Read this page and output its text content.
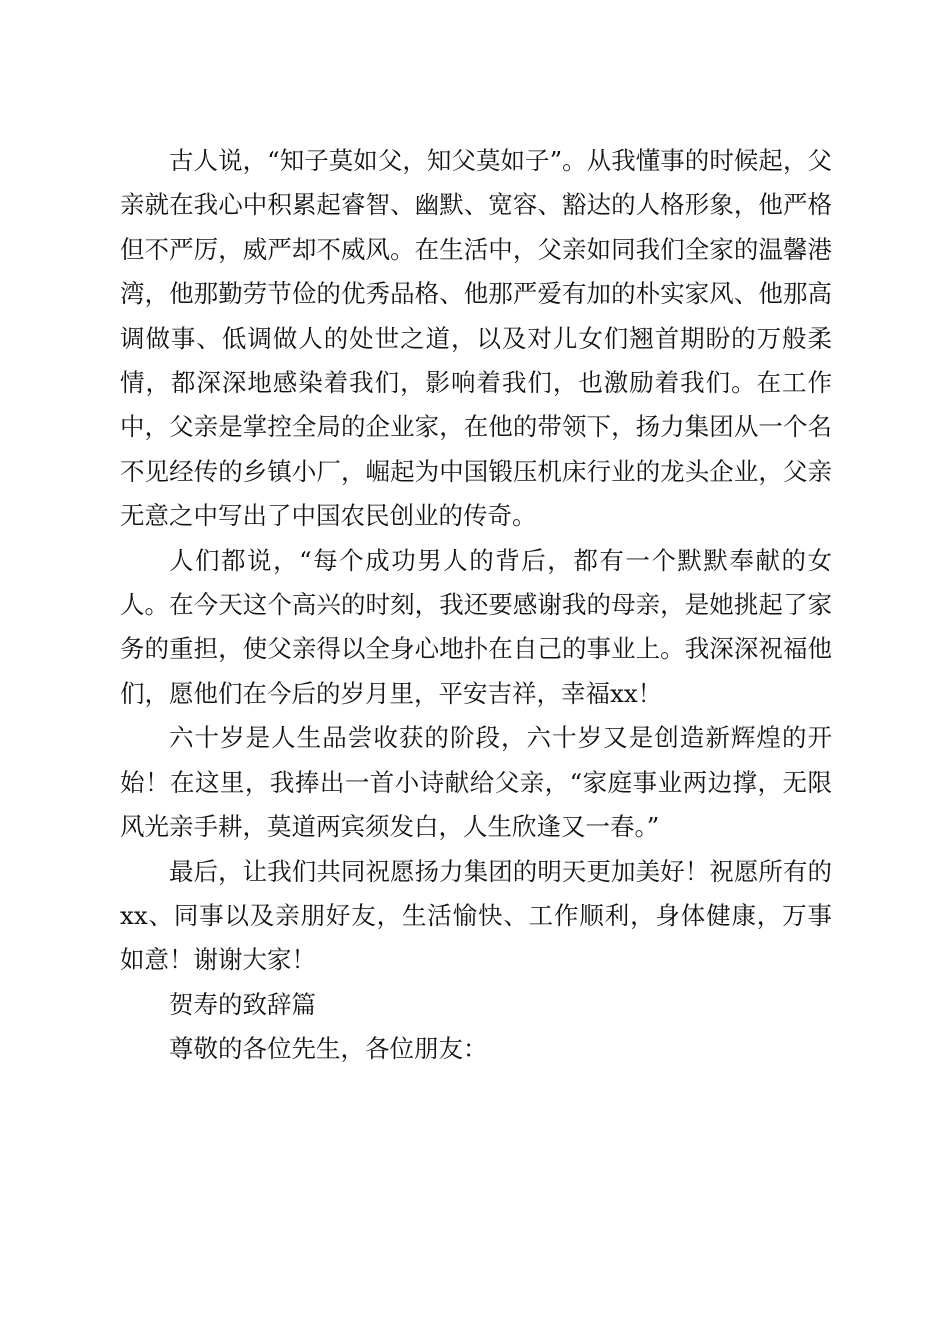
古人说，“知子莫如父，知父莫如子”。从我懂事的时候起，父亲就在我心中积累起睿智、幽默、宽容、豁达的人格形象，他严格但不严厉，威严却不威风。在生活中，父亲如同我们全家的温馨港湾，他那勤劳节俭的优秀品格、他那严爱有加的朴实家风、他那高调做事、低调做人的处世之道，以及对儿女们翘首期盼的万般柔情，都深深地感染着我们，影响着我们，也激励着我们。在工作中，父亲是掌控全局的企业家，在他的带领下，扬力集团从一个名不见经传的乡镇小厂，崛起为中国锻压机床行业的龙头企业，父亲无意之中写出了中国农民创业的传奇。

人们都说，“每个成功男人的背后，都有一个默默奉献的女人。在今天这个高兴的时刻，我还要感谢我的母亲，是她挑起了家务的重担，使父亲得以全身心地扑在自己的事业上。我深深祝福他们，愿他们在今后的岁月里，平安吉祥，幸福xx！

六十岁是人生品尝收获的阶段，六十岁又是创造新辉煌的开始！在这里，我捧出一首小诗献给父亲，“家庭事业两边撑，无限风光亲手耕，莫道两宾须发白，人生欣逢又一春。”

最后，让我们共同祝愿扬力集团的明天更加美好！祝愿所有的xx、同事以及亲朋好友，生活愉快、工作顺利，身体健康，万事如意！谢谢大家！

贺寿的致辞篇

尊敬的各位先生，各位朋友：
